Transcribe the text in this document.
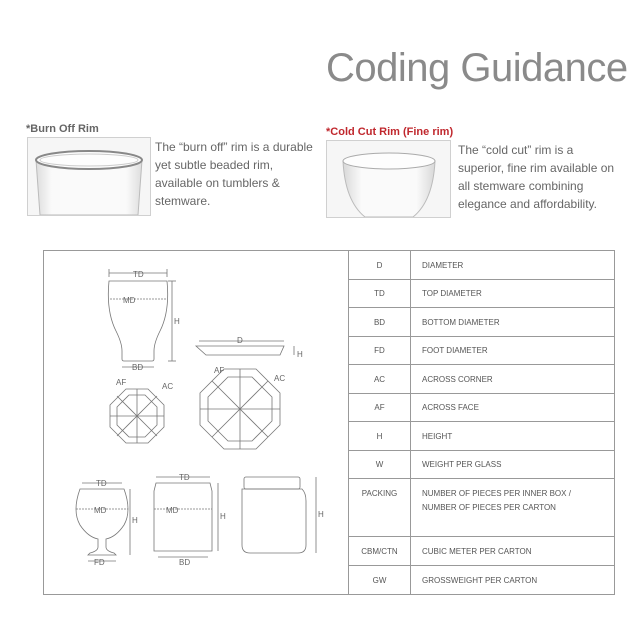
Coding Guidance
*Burn Off Rim
The “burn off” rim is a durable yet subtle beaded rim, available on tumblers & stemware.
*Cold Cut Rim (Fine rim)
The “cold cut” rim is a superior, fine rim available on all stemware combining elegance and affordability.
TD
MD
BD
H
D
H
AF	AC
AF
AC
TD
MD
FD
H
TD
MD
BD
H	H
D	DIAMETER
TD	TOP DIAMETER
BD	BOTTOM DIAMETER
FD	FOOT DIAMETER
AC	ACROSS CORNER
AF	ACROSS FACE
H	HEIGHT
W	WEIGHT PER GLASS
PACKING	NUMBER OF PIECES PER INNER BOX /
NUMBER OF PIECES PER CARTON
CBM/CTN	CUBIC METER PER CARTON
GW	GROSSWEIGHT PER CARTON
